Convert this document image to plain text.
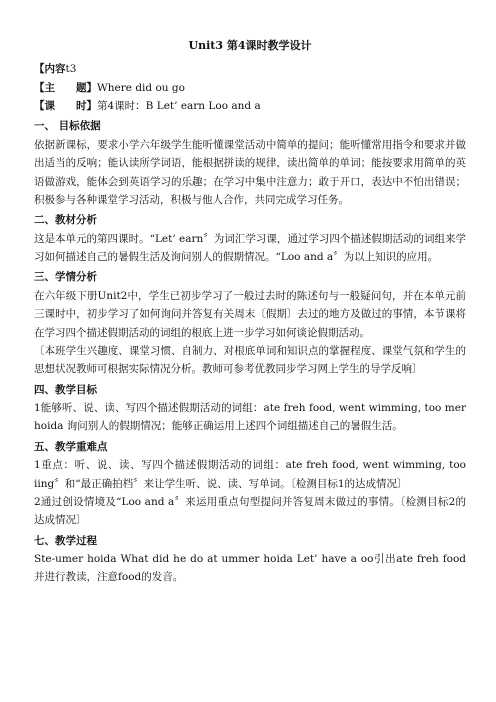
Unit3 第4课时教学设计

【内容t3

【主　　题】Where did ou go

【课　　时】第4课时：B Let’ earn Loo and a

一、 目标依据

依据新课标，要求小学六年级学生能听懂课堂活动中简单的提问；能听懂常用指令和要求并做出适当的反响；能认读所学词语，能根据拼读的规律，读出简单的单词；能按要求用简单的英语做游戏，能体会到英语学习的乐趣；在学习中集中注意力；敢于开口，表达中不怕出错误；积极参与各种课堂学习活动，积极与他人合作，共同完成学习任务。

二、教材分析

这是本单元的第四课时。“Let’ earn〞为词汇学习课，通过学习四个描述假期活动的词组来学习如何描述自己的暑假生活及询问别人的假期情况。“Loo and a〞为以上知识的应用。

三、学情分析

在六年级下册Unit2中，学生已初步学习了一般过去时的陈述句与一般疑问句，并在本单元前三课时中，初步学习了如何询问并答复有关周末〔假期〕去过的地方及做过的事情，本节课将在学习四个描述假期活动的词组的根底上进一步学习如何谈论假期活动。

〔本班学生兴趣度、课堂习惯、自制力、对根底单词和知识点的掌握程度、课堂气氛和学生的思想状况教师可根据实际情况分析。教师可参考优教同步学习网上学生的导学反响〕

四、教学目标

1能够听、说、读、写四个描述假期活动的词组：ate freh food, went wimming, too mer hoida 询问别人的假期情况；能够正确运用上述四个词组描述自己的暑假生活。

五、教学重难点

1重点：听、说、读、写四个描述假期活动的词组：ate freh food, went wimming, too iing〞和“最正确拍档〞来让学生听、说、读、写单词。〔检测目标1的达成情况〕

2通过创设情境及“Loo and a〞来运用重点句型提问并答复周末做过的事情。〔检测目标2的达成情况〕

七、教学过程

Ste-umer hoida What did he do at ummer hoida Let’ have a oo引出ate freh food并进行教读，注意food的发音。
